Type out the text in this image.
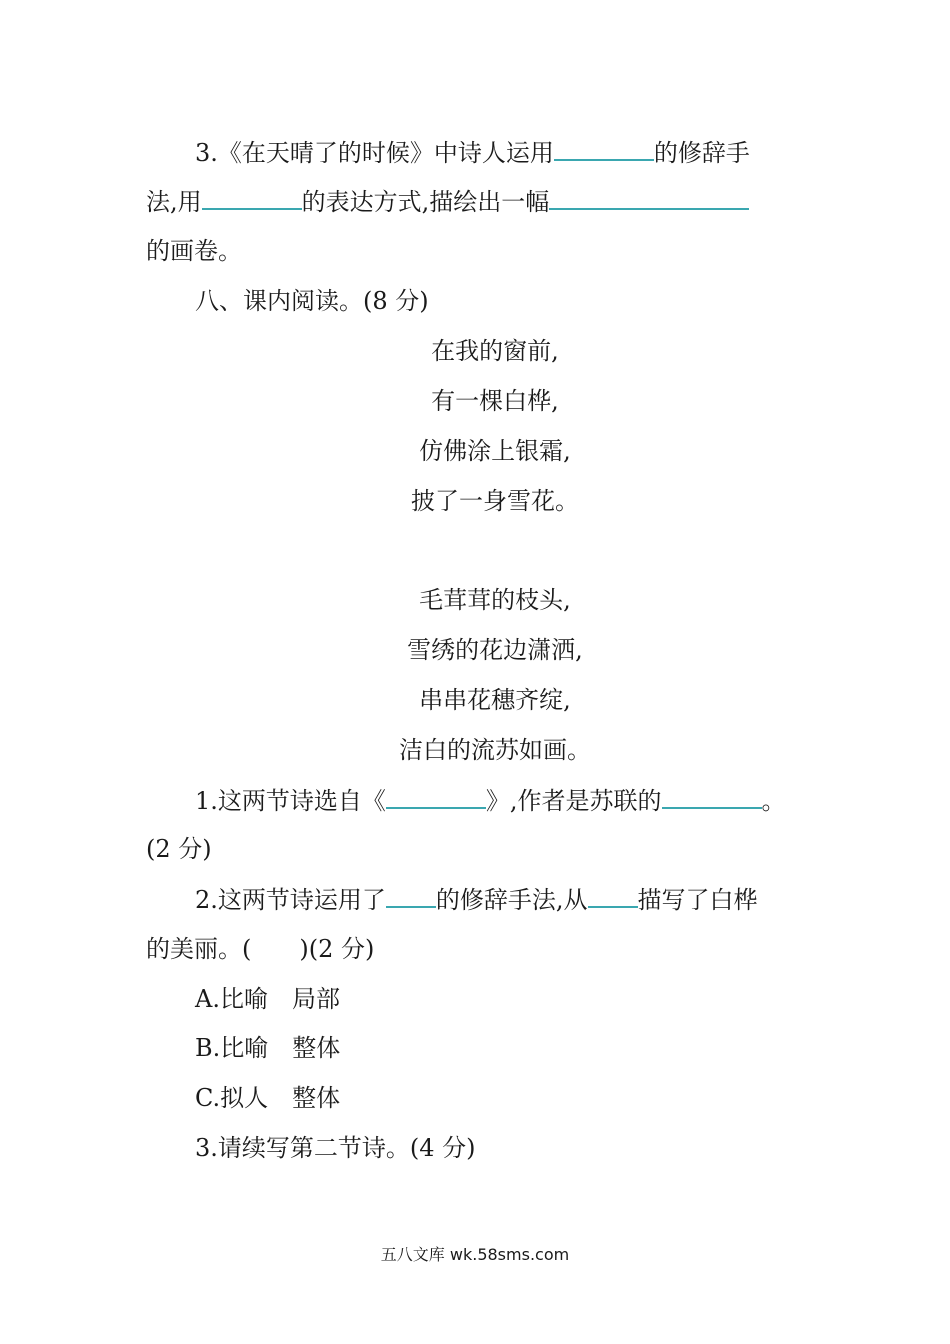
3.《在天晴了的时候》中诗人运用	的修辞手
法,用	的表达方式,描绘出一幅
的画卷。
八、课内阅读。(8 分)
在我的窗前,
有一棵白桦,
仿佛涂上银霜,
披了一身雪花。
毛茸茸的枝头,
雪绣的花边潇洒,
串串花穗齐绽,
洁白的流苏如画。
1.这两节诗选自《	》,作者是苏联的	。
(2 分)
2.这两节诗运用了 的修辞手法,从 描写了白桦
的美丽。( )(2 分)
A.比喻　局部
B.比喻　整体
C.拟人　整体
3.请续写第二节诗。(4 分)
五八文库 wk.58sms.com
